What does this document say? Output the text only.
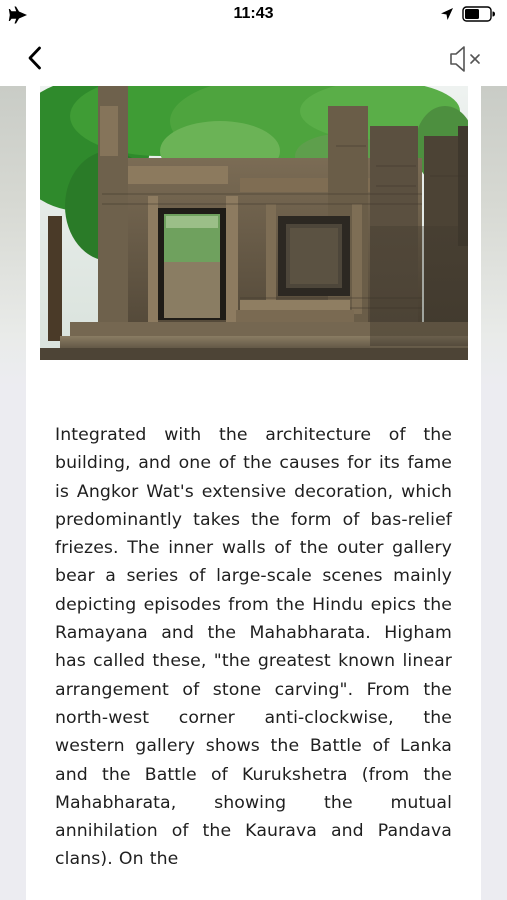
11:43

Integrated with the architecture of the building, and one of the causes for its fame is Angkor Wat's extensive decoration, which predominantly takes the form of bas-relief friezes. The inner walls of the outer gallery bear a series of large-scale scenes mainly depicting episodes from the Hindu epics the Ramayana and the Mahabharata. Higham has called these, "the greatest known linear arrangement of stone carving". From the north-west corner anti-clockwise, the western gallery shows the Battle of Lanka and the Battle of Kurukshetra (from the Mahabharata, showing the mutual annihilation of the Kaurava and Pandava clans). On the
